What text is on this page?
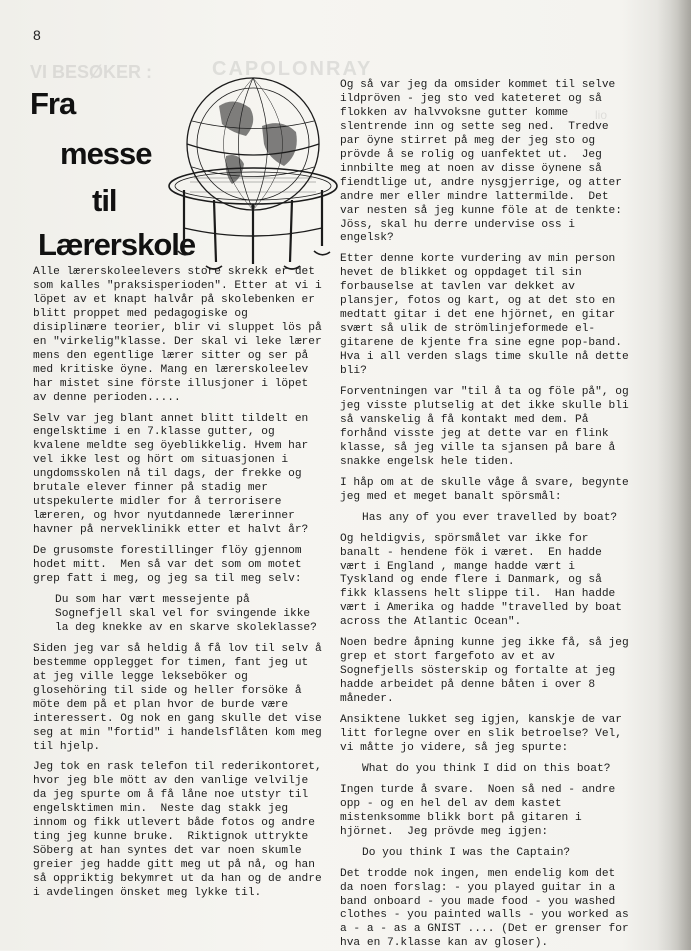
VI BESØKER :	CAPOLONRAY
lio
8
Fra
messe
til
Lærerskole

Alle lærerskoleelevers store skrekk er det som kalles "praksisperioden". Etter at vi i löpet av et knapt halvår på skolebenken er blitt proppet med pedagogiske og disiplinære teorier, blir vi sluppet lös på en "virkelig"klasse. Der skal vi leke lærer mens den egentlige lærer sitter og ser på med kritiske öyne. Mang en lærerskoleelev har mistet sine förste illusjoner i löpet av denne perioden.....

Selv var jeg blant annet blitt tildelt en engelsktime i en 7.klasse gutter, og kvalene meldte seg öyeblikkelig. Hvem har vel ikke lest og hört om situasjonen i ungdomsskolen nå til dags, der frekke og brutale elever finner på stadig mer utspekulerte midler for å terrorisere læreren, og hvor nyutdannede lærerinner havner på nerveklinikk etter et halvt år?

De grusomste forestillinger flöy gjennom hodet mitt.  Men så var det som om motet grep fatt i meg, og jeg sa til meg selv:

Du som har vært messejente på Sognefjell skal vel for svingende ikke la deg knekke av en skarve skoleklasse?

Siden jeg var så heldig å få lov til selv å bestemme opplegget for timen, fant jeg ut at jeg ville legge lekseböker og glosehöring til side og heller forsöke å möte dem på et plan hvor de burde være interessert. Og nok en gang skulle det vise seg at min "fortid" i handelsflåten kom meg til hjelp.

Jeg tok en rask telefon til rederikontoret, hvor jeg ble mött av den vanlige velvilje da jeg spurte om å få låne noe utstyr til engelsktimen min.  Neste dag stakk jeg innom og fikk utlevert både fotos og andre ting jeg kunne bruke.  Riktignok uttrykte Söberg at han syntes det var noen skumle greier jeg hadde gitt meg ut på nå, og han så oppriktig bekymret ut da han og de andre i avdelingen önsket meg lykke til.

Og så var jeg da omsider kommet til selve ildpröven - jeg sto ved kateteret og så flokken av halvvoksne gutter komme slentrende inn og sette seg ned.  Tredve par öyne stirret på meg der jeg sto og prövde å se rolig og uanfektet ut.  Jeg innbilte meg at noen av disse öynene så fiendtlige ut, andre nysgjerrige, og atter andre mer eller mindre lattermilde.  Det var nesten så jeg kunne föle at de tenkte: Jöss, skal hu derre undervise oss i engelsk?

Etter denne korte vurdering av min person hevet de blikket og oppdaget til sin forbauselse at tavlen var dekket av plansjer, fotos og kart, og at det sto en medtatt gitar i det ene hjörnet, en gitar svært så ulik de strömlinjeformede el-gitarene de kjente fra sine egne pop-band.  Hva i all verden slags time skulle nå dette bli?

Forventningen var "til å ta og föle på", og jeg visste plutselig at det ikke skulle bli så vanskelig å få kontakt med dem. På forhånd visste jeg at dette var en flink klasse, så jeg ville ta sjansen på bare å snakke engelsk hele tiden.

I håp om at de skulle våge å svare, begynte jeg med et meget banalt spörsmål:

Has any of you ever travelled by boat?

Og heldigvis, spörsmålet var ikke for banalt - hendene fök i været.  En hadde vært i England , mange hadde vært i Tyskland og ende flere i Danmark, og så fikk klassens helt slippe til.  Han hadde vært i Amerika og hadde "travelled by boat across the Atlantic Ocean".

Noen bedre åpning kunne jeg ikke få, så jeg grep et stort fargefoto av et av Sognefjells sösterskip og fortalte at jeg hadde arbeidet på denne båten i over 8 måneder.

Ansiktene lukket seg igjen, kanskje de var litt forlegne over en slik betroelse? Vel, vi måtte jo videre, så jeg spurte:

What do you think I did on this boat?

Ingen turde å svare.  Noen så ned - andre opp - og en hel del av dem kastet mistenksomme blikk bort på gitaren i hjörnet.  Jeg prövde meg igjen:

Do you think I was the Captain?

Det trodde nok ingen, men endelig kom det da noen forslag: - you played guitar in a band onboard - you made food - you washed clothes - you painted walls - you worked as a - a - as a GNIST .... (Det er grenser for hva en 7.klasse kan av gloser).
